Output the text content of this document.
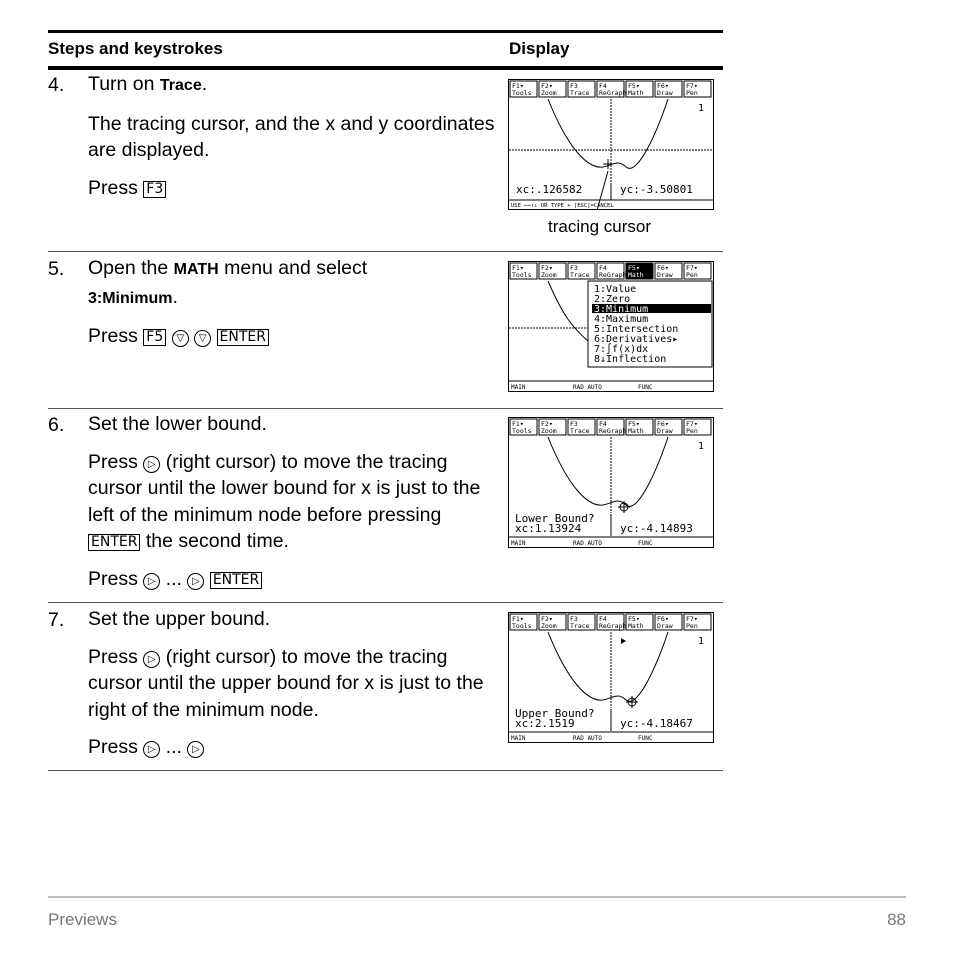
Steps and keystrokes	Display
4. Turn on Trace.
The tracing cursor, and the x and y coordinates are displayed.
Press F3
F1▾
Tools
F2▾
Zoom
F3
Trace
F4
ReGraph
F5▾
Math
F6▾
Draw
F7▾
Pen
1
xc:.126582	yc:-3.50801
USE ←→↑↓ OR TYPE + [ESC]=CANCEL
tracing cursor
5. Open the MATH menu and select
3:Minimum.
Press F5 ▽ ▽ ENTER
F1▾
Tools
F2▾
Zoom
F3
Trace
F4
ReGraph
F5▾
Math
F6▾
Draw
F7▾
Pen
1:Value
2:Zero
3:Minimum
4:Maximum
5:Intersection
6:Derivatives▸
7:∫f(x)dx
8↓Inflection
MAIN	RAD AUTO	FUNC
6. Set the lower bound.
Press ▷ (right cursor) to move the tracing cursor until the lower bound for x is just to the left of the minimum node before pressing ENTER the second time.
Press ▷ ... ▷ ENTER
F1▾
Tools
F2▾
Zoom
F3
Trace
F4
ReGraph
F5▾
Math
F6▾
Draw
F7▾
Pen
1
Lower Bound?
xc:1.13924	yc:-4.14893
MAIN	RAD AUTO	FUNC
7. Set the upper bound.
Press ▷ (right cursor) to move the tracing cursor until the upper bound for x is just to the right of the minimum node.
Press ▷ ... ▷
F1▾
Tools
F2▾
Zoom
F3
Trace
F4
ReGraph
F5▾
Math
F6▾
Draw
F7▾
Pen
1
Upper Bound?
xc:2.1519	yc:-4.18467
MAIN	RAD AUTO	FUNC
Previews	88
